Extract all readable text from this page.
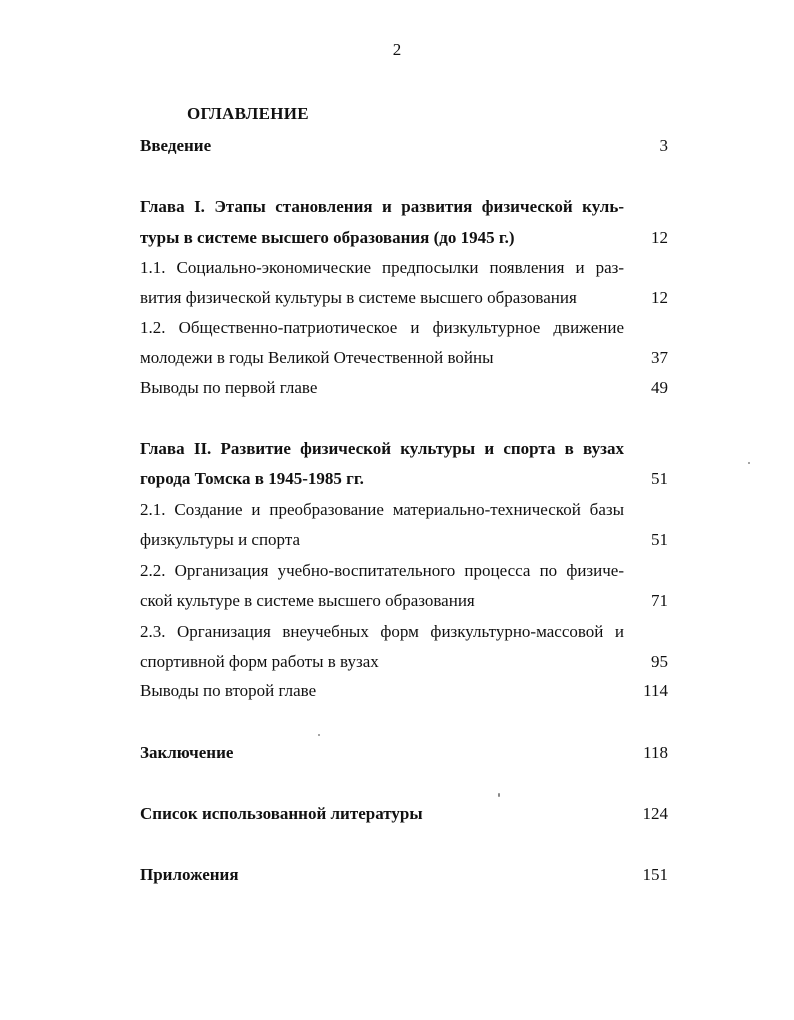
2
ОГЛАВЛЕНИЕ
Введение	3
Глава I. Этапы становления и развития физической куль-
туры в системе высшего образования (до 1945 г.)	12
1.1. Социально-экономические предпосылки появления и раз-
вития физической культуры в системе высшего образования	12
1.2. Общественно-патриотическое и физкультурное движение
молодежи в годы Великой Отечественной войны	37
Выводы по первой главе	49
Глава II. Развитие физической культуры и спорта в вузах
города Томска в 1945-1985 гг.	51
2.1. Создание и преобразование материально-технической базы
физкультуры и спорта	51
2.2. Организация учебно-воспитательного процесса по физиче-
ской культуре в системе высшего образования	71
2.3. Организация внеучебных форм физкультурно-массовой и
спортивной форм работы в вузах	95
Выводы по второй главе	114
Заключение	118
Список использованной литературы	124
Приложения	151
